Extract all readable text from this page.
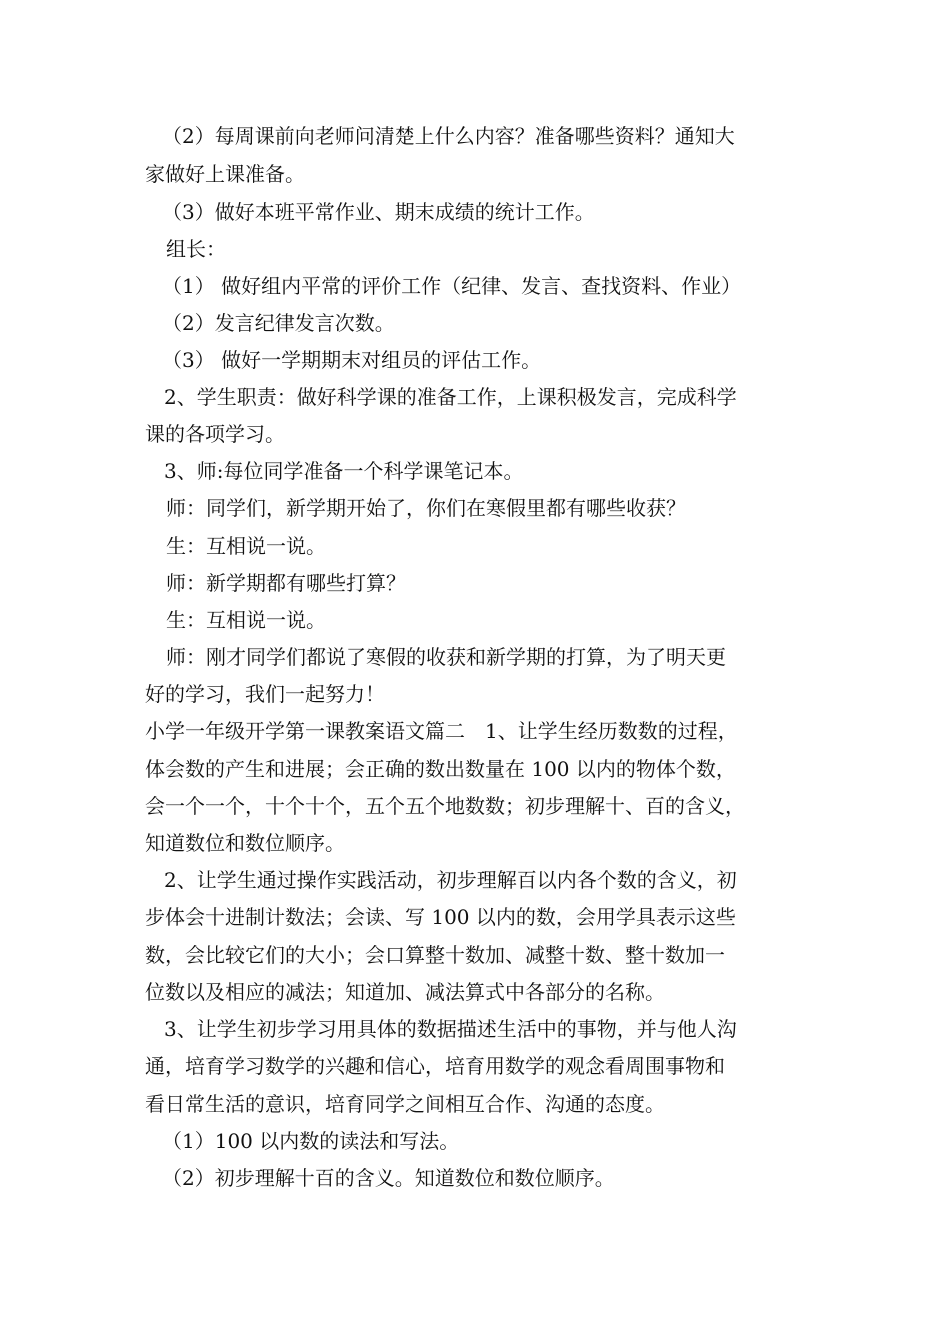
（2）每周课前向老师问清楚上什么内容？准备哪些资料？通知大
家做好上课准备。
（3）做好本班平常作业、期末成绩的统计工作。
组长：
（1） 做好组内平常的评价工作（纪律、发言、查找资料、作业）
（2）发言纪律发言次数。
（3） 做好一学期期末对组员的评估工作。
2、学生职责：做好科学课的准备工作，上课积极发言，完成科学
课的各项学习。
3、师:每位同学准备一个科学课笔记本。
师：同学们，新学期开始了，你们在寒假里都有哪些收获？
生：互相说一说。
师：新学期都有哪些打算？
生：互相说一说。
师：刚才同学们都说了寒假的收获和新学期的打算，为了明天更
好的学习，我们一起努力！
小学一年级开学第一课教案语文篇二　1、让学生经历数数的过程，
体会数的产生和进展；会正确的数出数量在 100 以内的物体个数，
会一个一个，十个十个，五个五个地数数；初步理解十、百的含义，
知道数位和数位顺序。
2、让学生通过操作实践活动，初步理解百以内各个数的含义，初
步体会十进制计数法；会读、写 100 以内的数，会用学具表示这些
数，会比较它们的大小；会口算整十数加、减整十数、整十数加一
位数以及相应的减法；知道加、减法算式中各部分的名称。
3、让学生初步学习用具体的数据描述生活中的事物，并与他人沟
通，培育学习数学的兴趣和信心，培育用数学的观念看周围事物和
看日常生活的意识，培育同学之间相互合作、沟通的态度。
（1）100 以内数的读法和写法。
（2）初步理解十百的含义。知道数位和数位顺序。
